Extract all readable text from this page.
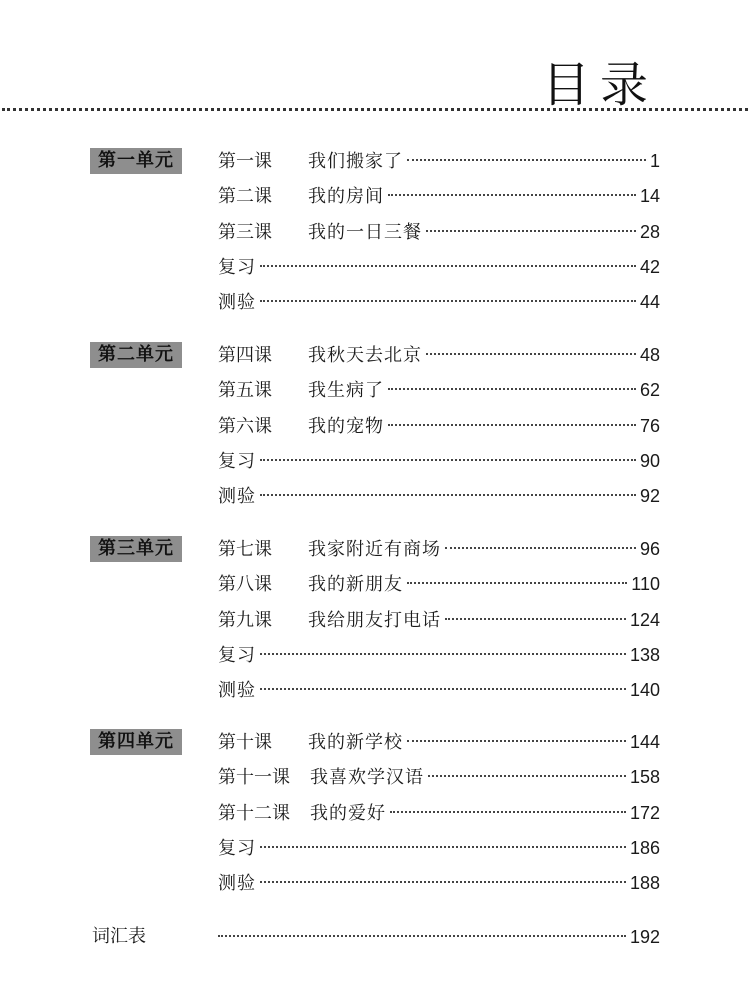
目录
第一单元	第一课	我们搬家了	1
第二课	我的房间	14
第三课	我的一日三餐	28
复习	42
测验	44
第二单元	第四课	我秋天去北京	48
第五课	我生病了	62
第六课	我的宠物	76
复习	90
测验	92
第三单元	第七课	我家附近有商场	96
第八课	我的新朋友	110
第九课	我给朋友打电话	124
复习	138
测验	140
第四单元	第十课	我的新学校	144
第十一课	我喜欢学汉语	158
第十二课	我的爱好	172
复习	186
测验	188
词汇表	192
